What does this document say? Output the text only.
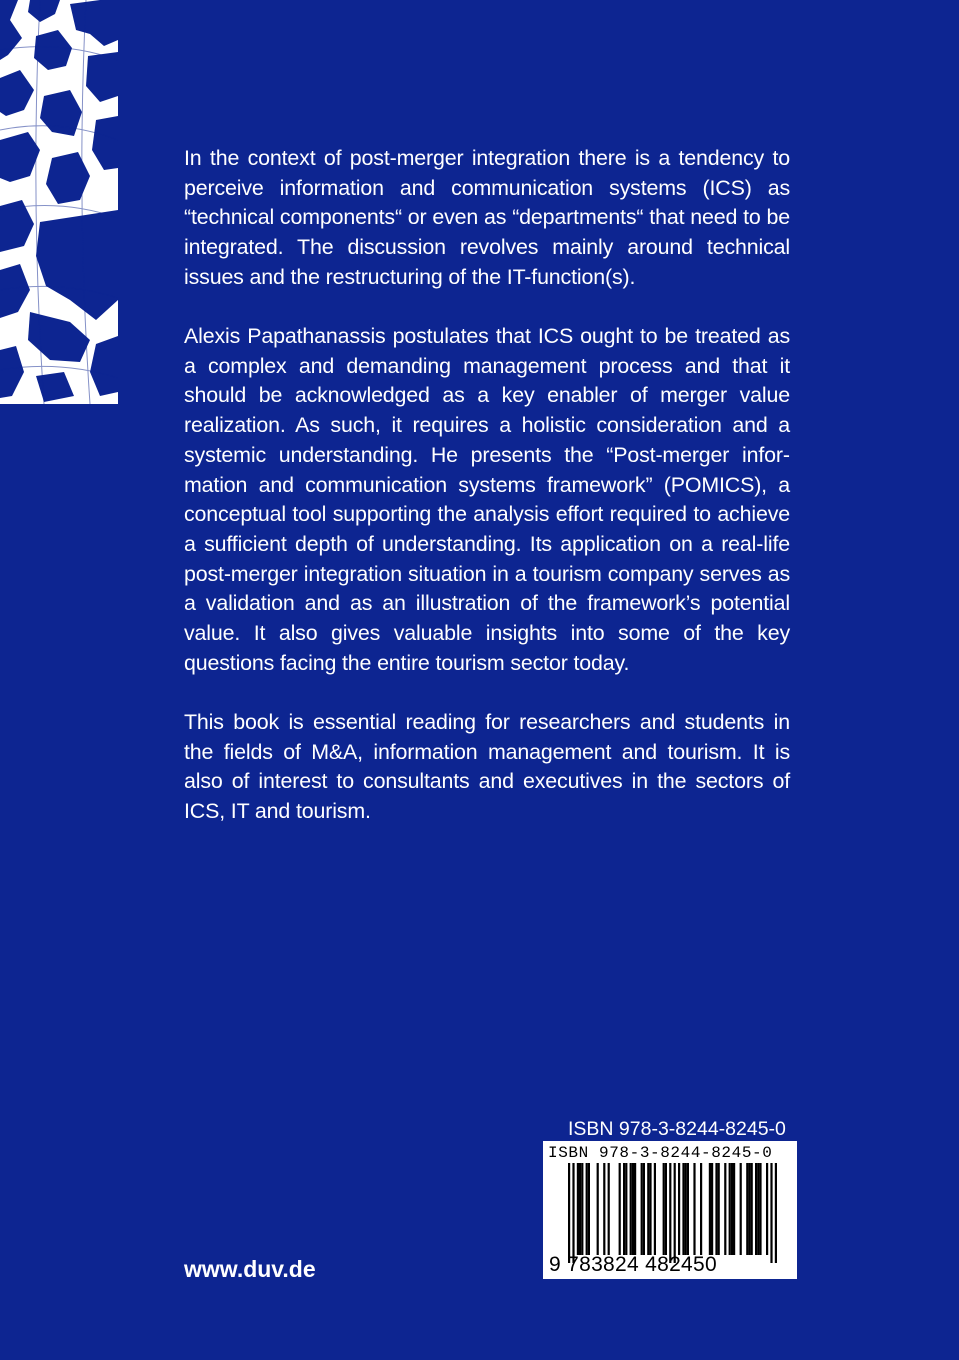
In the context of post-merger integration there is a tendency to perceive information and communication systems (ICS) as “technical components“ or even as “departments“ that need to be integrated. The discussion revolves mainly around technical issues and the restructuring of the IT-function(s).

Alexis Papathanassis postulates that ICS ought to be treated as a complex and demanding management process and that it should be acknowledged as a key enabler of merger value realization. As such, it requires a holistic consideration and a systemic understanding. He presents the “Post-merger information and communication systems framework” (POMICS), a conceptual tool supporting the analysis effort required to achieve a sufficient depth of understanding. Its application on a real-life post-merger integration situation in a tourism company serves as a validation and as an illustration of the framework’s potential value. It also gives valuable insights into some of the key questions facing the entire tourism sector today.

This book is essential reading for researchers and students in the fields of M&A, information management and tourism. It is also of interest to consultants and executives in the sectors of ICS, IT and tourism.

ISBN 978-3-8244-8245-0
ISBN 978-3-8244-8245-0
9 783824 482450
www.duv.de
